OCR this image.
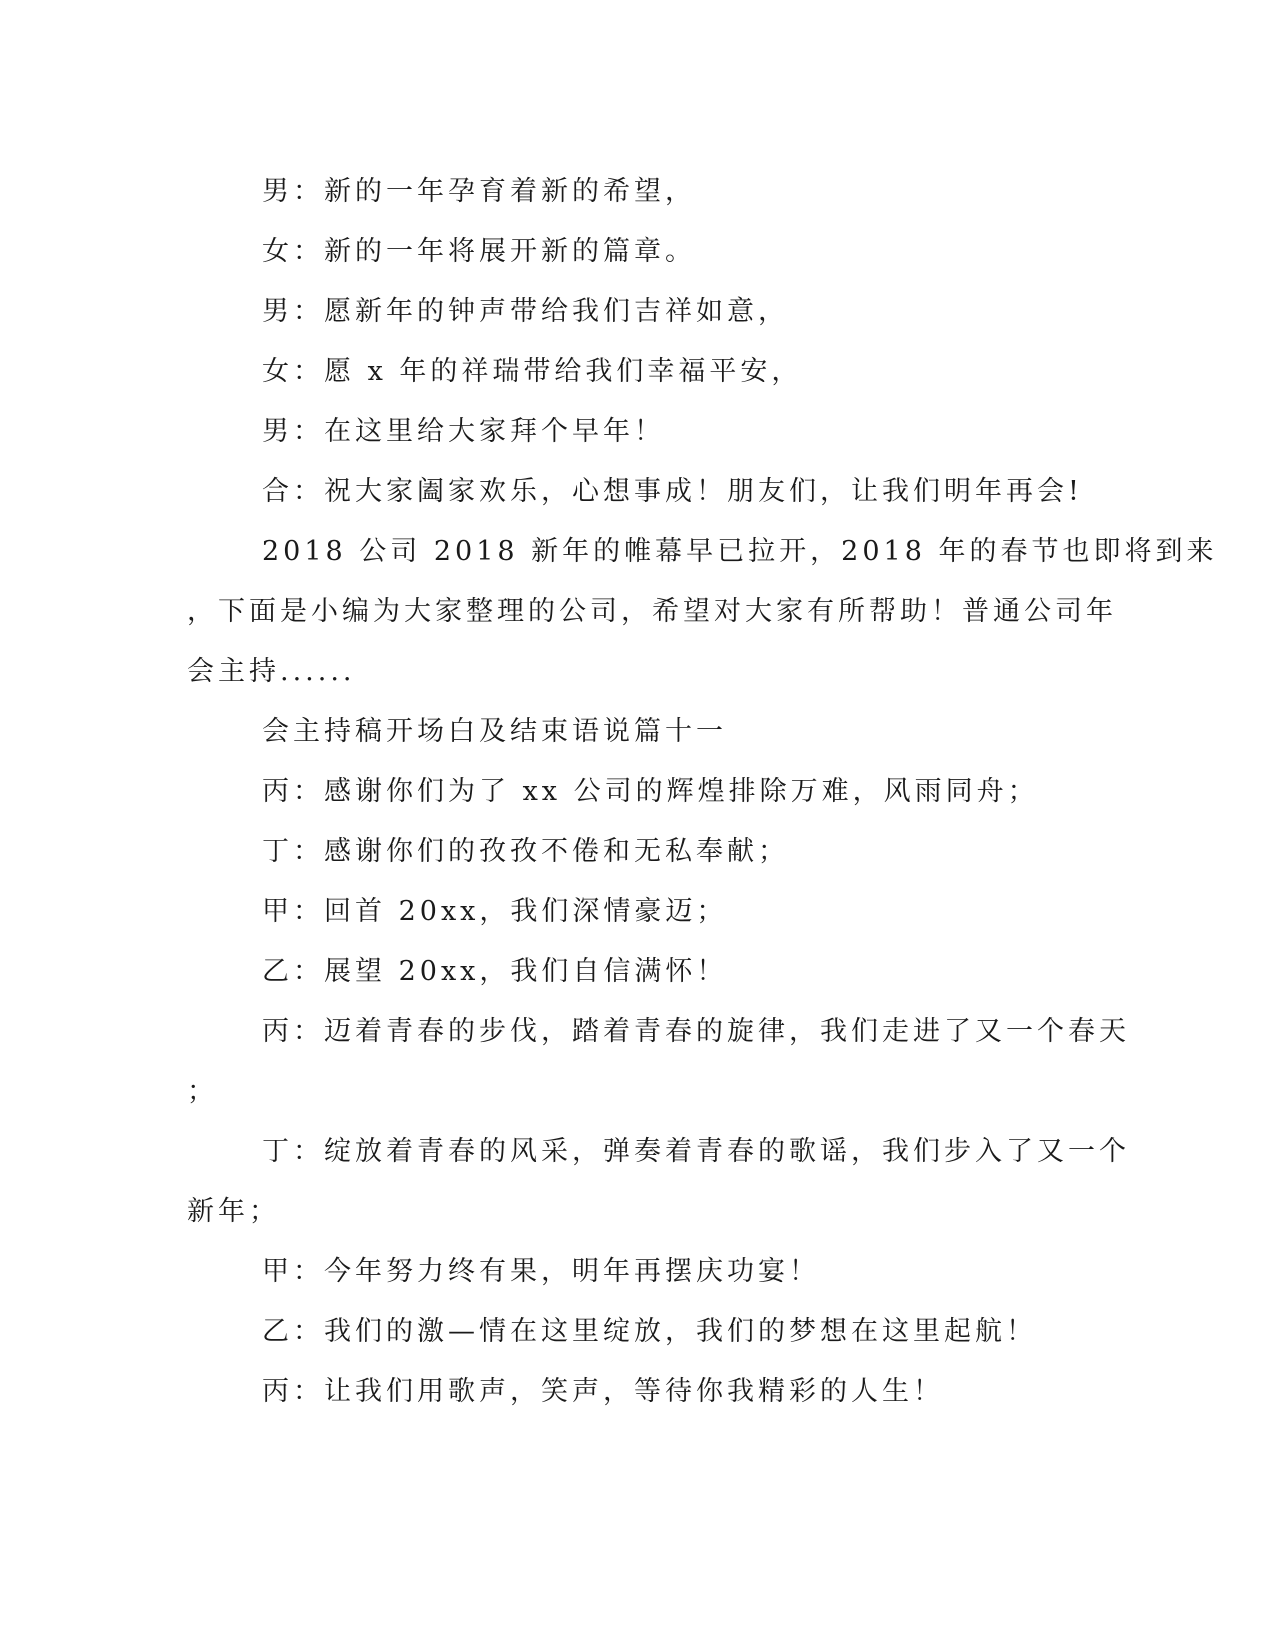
男：新的一年孕育着新的希望，
女：新的一年将展开新的篇章。
男：愿新年的钟声带给我们吉祥如意，
女：愿 x 年的祥瑞带给我们幸福平安，
男：在这里给大家拜个早年！
合：祝大家阖家欢乐，心想事成！朋友们，让我们明年再会!
2018 公司 2018 新年的帷幕早已拉开，2018 年的春节也即将到来
，下面是小编为大家整理的公司，希望对大家有所帮助！普通公司年
会主持......
会主持稿开场白及结束语说篇十一
丙：感谢你们为了 xx 公司的辉煌排除万难，风雨同舟；
丁：感谢你们的孜孜不倦和无私奉献；
甲：回首 20xx，我们深情豪迈；
乙：展望 20xx，我们自信满怀！
丙：迈着青春的步伐，踏着青春的旋律，我们走进了又一个春天
；
丁：绽放着青春的风采，弹奏着青春的歌谣，我们步入了又一个
新年；
甲：今年努力终有果，明年再摆庆功宴！
乙：我们的激—情在这里绽放，我们的梦想在这里起航！
丙：让我们用歌声，笑声，等待你我精彩的人生！
